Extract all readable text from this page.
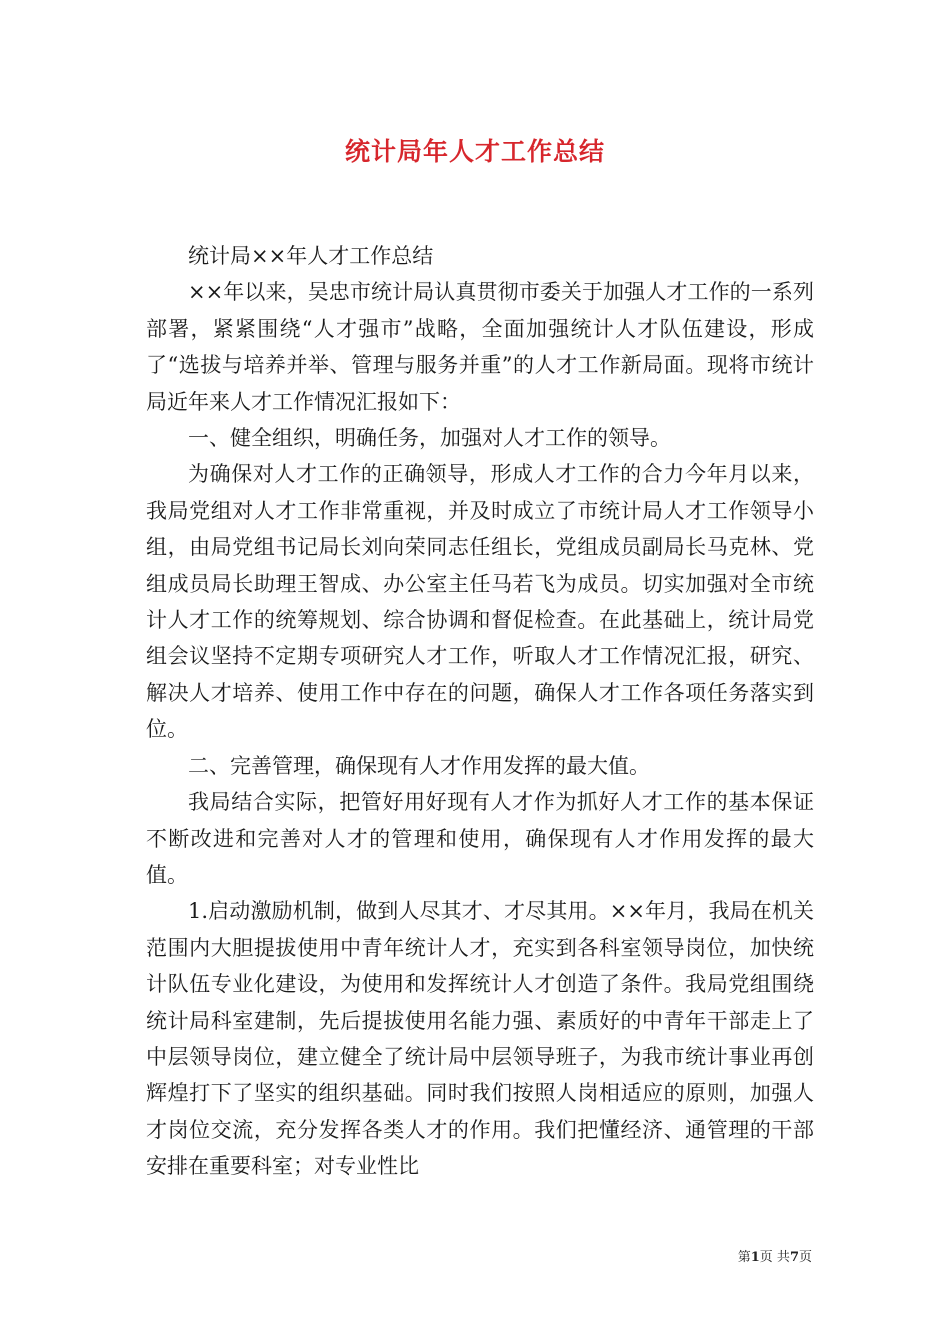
统计局年人才工作总结

统计局××年人才工作总结

××年以来，吴忠市统计局认真贯彻市委关于加强人才工作的一系列部署，紧紧围绕“人才强市”战略，全面加强统计人才队伍建设，形成了“选拔与培养并举、管理与服务并重”的人才工作新局面。现将市统计局近年来人才工作情况汇报如下：

一、健全组织，明确任务，加强对人才工作的领导。

为确保对人才工作的正确领导，形成人才工作的合力今年月以来，我局党组对人才工作非常重视，并及时成立了市统计局人才工作领导小组，由局党组书记局长刘向荣同志任组长，党组成员副局长马克林、党组成员局长助理王智成、办公室主任马若飞为成员。切实加强对全市统计人才工作的统筹规划、综合协调和督促检查。在此基础上，统计局党组会议坚持不定期专项研究人才工作，听取人才工作情况汇报，研究、解决人才培养、使用工作中存在的问题，确保人才工作各项任务落实到位。

二、完善管理，确保现有人才作用发挥的最大值。

我局结合实际，把管好用好现有人才作为抓好人才工作的基本保证不断改进和完善对人才的管理和使用，确保现有人才作用发挥的最大值。

1.启动激励机制，做到人尽其才、才尽其用。××年月，我局在机关范围内大胆提拔使用中青年统计人才，充实到各科室领导岗位，加快统计队伍专业化建设，为使用和发挥统计人才创造了条件。我局党组围绕统计局科室建制，先后提拔使用名能力强、素质好的中青年干部走上了中层领导岗位，建立健全了统计局中层领导班子，为我市统计事业再创辉煌打下了坚实的组织基础。同时我们按照人岗相适应的原则，加强人才岗位交流，充分发挥各类人才的作用。我们把懂经济、通管理的干部安排在重要科室；对专业性比

第1页 共7页
